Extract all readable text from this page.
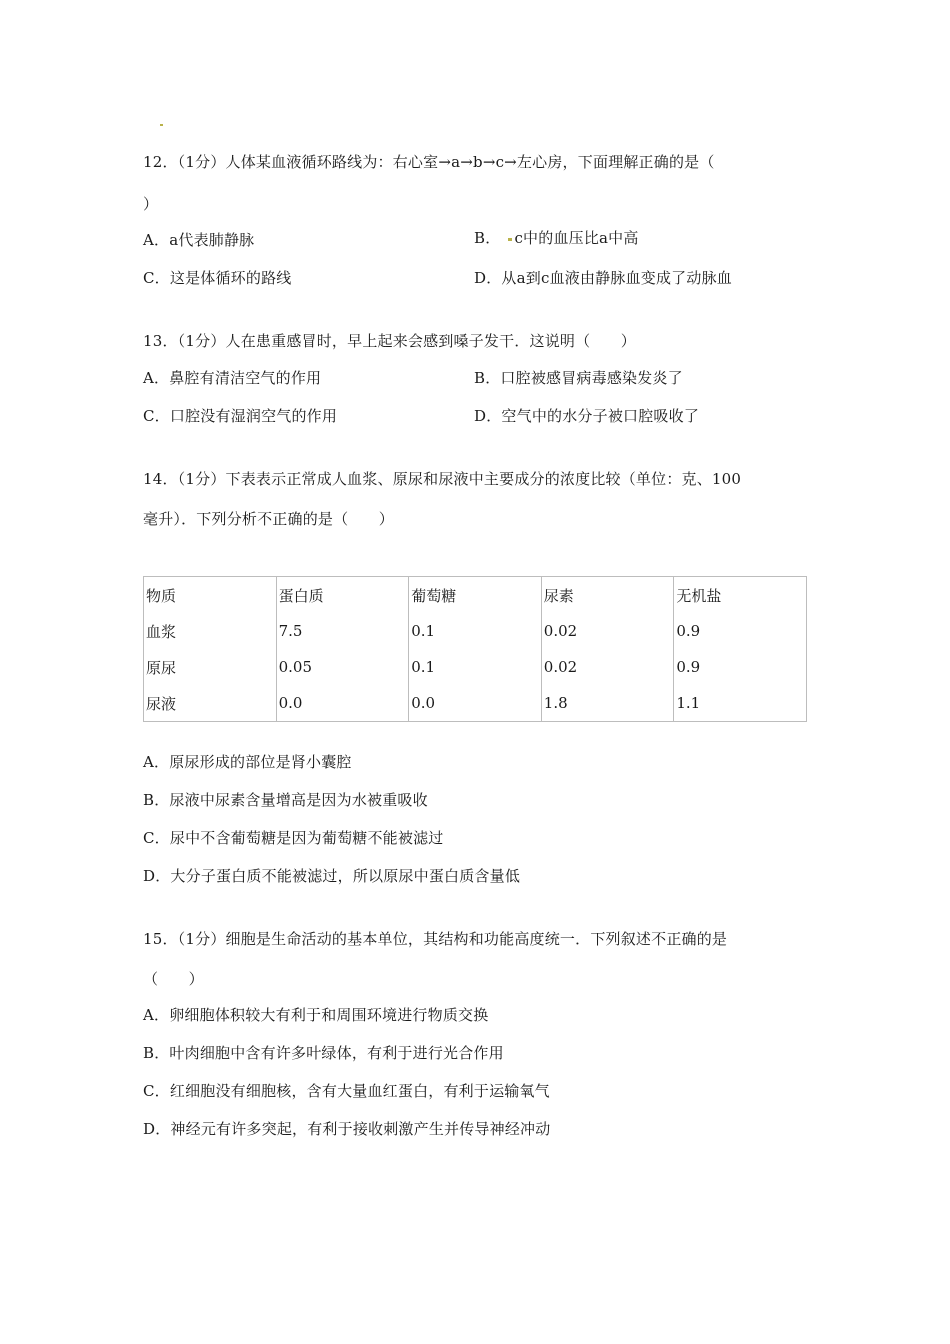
12．（1分）人体某血液循环路线为：右心室→a→b→c→左心房，下面理解正确的是（
）
A．a代表肺静脉	B． c中的血压比a中高
C．这是体循环的路线	D．从a到c血液由静脉血变成了动脉血
13．（1分）人在患重感冒时，早上起来会感到嗓子发干．这说明（　　）
A．鼻腔有清洁空气的作用	B．口腔被感冒病毒感染发炎了
C．口腔没有湿润空气的作用	D．空气中的水分子被口腔吸收了
14．（1分）下表表示正常成人血浆、原尿和尿液中主要成分的浓度比较（单位：克、100
毫升）．下列分析不正确的是（　　）
物质	蛋白质	葡萄糖	尿素	无机盐
血浆	7.5	0.1	0.02	0.9
原尿	0.05	0.1	0.02	0.9
尿液	0.0	0.0	1.8	1.1
A．原尿形成的部位是肾小囊腔
B．尿液中尿素含量增高是因为水被重吸收
C．尿中不含葡萄糖是因为葡萄糖不能被滤过
D．大分子蛋白质不能被滤过，所以原尿中蛋白质含量低
15．（1分）细胞是生命活动的基本单位，其结构和功能高度统一．下列叙述不正确的是
（　　）
A．卵细胞体积较大有利于和周围环境进行物质交换
B．叶肉细胞中含有许多叶绿体，有利于进行光合作用
C．红细胞没有细胞核，含有大量血红蛋白，有利于运输氧气
D．神经元有许多突起，有利于接收刺激产生并传导神经冲动
